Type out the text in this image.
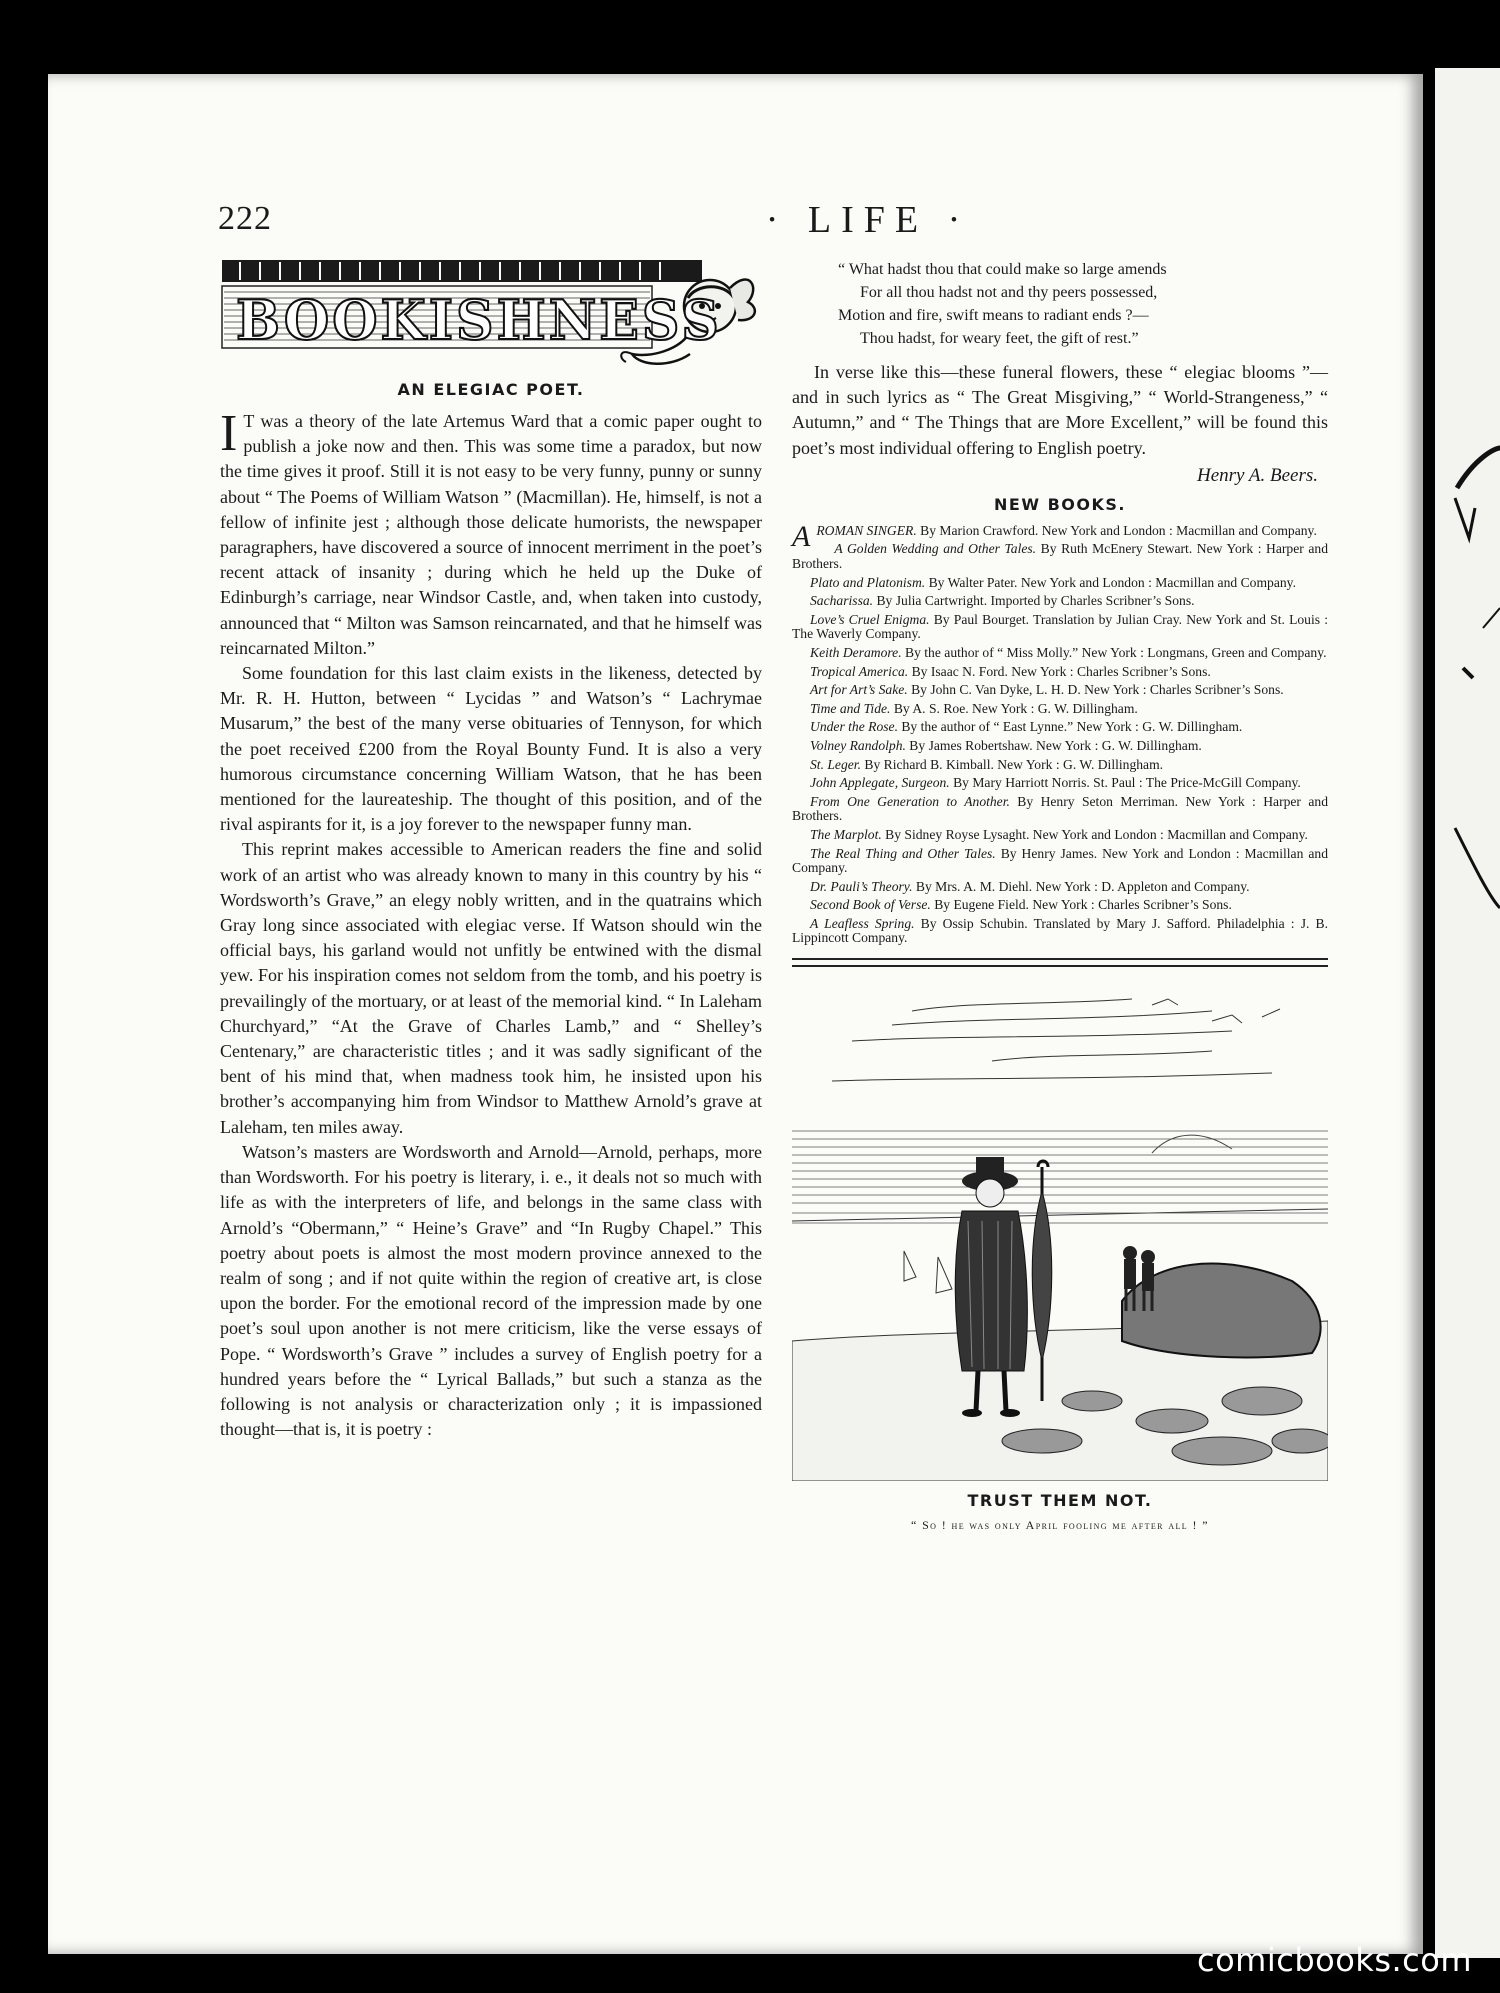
222	· LIFE ·
BOOKISHNESS
AN ELEGIAC POET.

I T was a theory of the late Artemus Ward that a comic paper ought to publish a joke now and then. This was some time a paradox, but now the time gives it proof. Still it is not easy to be very funny, punny or sunny about “ The Poems of William Watson ” (Macmillan). He, himself, is not a fellow of infinite jest ; although those delicate humorists, the newspaper paragraphers, have discovered a source of innocent merriment in the poet’s recent attack of insanity ; during which he held up the Duke of Edinburgh’s carriage, near Windsor Castle, and, when taken into custody, announced that “ Milton was Samson reincarnated, and that he himself was reincarnated Milton.”

Some foundation for this last claim exists in the likeness, detected by Mr. R. H. Hutton, between “ Lycidas ” and Watson’s “ Lachrymae Musarum,” the best of the many verse obituaries of Tennyson, for which the poet received £200 from the Royal Bounty Fund. It is also a very humorous circumstance concerning William Watson, that he has been mentioned for the laureateship. The thought of this position, and of the rival aspirants for it, is a joy forever to the newspaper funny man.

This reprint makes accessible to American readers the fine and solid work of an artist who was already known to many in this country by his “ Wordsworth’s Grave,” an elegy nobly written, and in the quatrains which Gray long since associated with elegiac verse. If Watson should win the official bays, his garland would not unfitly be entwined with the dismal yew. For his inspiration comes not seldom from the tomb, and his poetry is prevailingly of the mortuary, or at least of the memorial kind. “ In Laleham Churchyard,” “At the Grave of Charles Lamb,” and “ Shelley’s Centenary,” are characteristic titles ; and it was sadly significant of the bent of his mind that, when madness took him, he insisted upon his brother’s accompanying him from Windsor to Matthew Arnold’s grave at Laleham, ten miles away.

Watson’s masters are Wordsworth and Arnold—Arnold, perhaps, more than Wordsworth. For his poetry is literary, i. e., it deals not so much with life as with the interpreters of life, and belongs in the same class with Arnold’s “Obermann,” “ Heine’s Grave” and “In Rugby Chapel.” This poetry about poets is almost the most modern province annexed to the realm of song ; and if not quite within the region of creative art, is close upon the border. For the emotional record of the impression made by one poet’s soul upon another is not mere criticism, like the verse essays of Pope. “ Wordsworth’s Grave ” includes a survey of English poetry for a hundred years before the “ Lyrical Ballads,” but such a stanza as the following is not analysis or characterization only ; it is impassioned thought—that is, it is poetry :

“ What hadst thou that could make so large amends
For all thou hadst not and thy peers possessed,
Motion and fire, swift means to radiant ends ?—
Thou hadst, for weary feet, the gift of rest.”

In verse like this—these funeral flowers, these “ elegiac blooms ”—and in such lyrics as “ The Great Misgiving,” “ World-Strangeness,” “ Autumn,” and “ The Things that are More Excellent,” will be found this poet’s most individual offering to English poetry.

Henry A. Beers.
NEW BOOKS.

AROMAN SINGER. By Marion Crawford. New York and London : Macmillan and Company.

A Golden Wedding and Other Tales. By Ruth McEnery Stewart. New York : Harper and Brothers.

Plato and Platonism. By Walter Pater. New York and London : Macmillan and Company.

Sacharissa. By Julia Cartwright. Imported by Charles Scribner’s Sons.

Love’s Cruel Enigma. By Paul Bourget. Translation by Julian Cray. New York and St. Louis : The Waverly Company.

Keith Deramore. By the author of “ Miss Molly.” New York : Longmans, Green and Company.

Tropical America. By Isaac N. Ford. New York : Charles Scribner’s Sons.

Art for Art’s Sake. By John C. Van Dyke, L. H. D. New York : Charles Scribner’s Sons.

Time and Tide. By A. S. Roe. New York : G. W. Dillingham.

Under the Rose. By the author of “ East Lynne.” New York : G. W. Dillingham.

Volney Randolph. By James Robertshaw. New York : G. W. Dillingham.

St. Leger. By Richard B. Kimball. New York : G. W. Dillingham.

John Applegate, Surgeon. By Mary Harriott Norris. St. Paul : The Price-McGill Company.

From One Generation to Another. By Henry Seton Merriman. New York : Harper and Brothers.

The Marplot. By Sidney Royse Lysaght. New York and London : Macmillan and Company.

The Real Thing and Other Tales. By Henry James. New York and London : Macmillan and Company.

Dr. Pauli’s Theory. By Mrs. A. M. Diehl. New York : D. Appleton and Company.

Second Book of Verse. By Eugene Field. New York : Charles Scribner’s Sons.

A Leafless Spring. By Ossip Schubin. Translated by Mary J. Safford. Philadelphia : J. B. Lippincott Company.

TRUST THEM NOT.
“ So ! he was only April fooling me after all ! ”
comicbooks.com
